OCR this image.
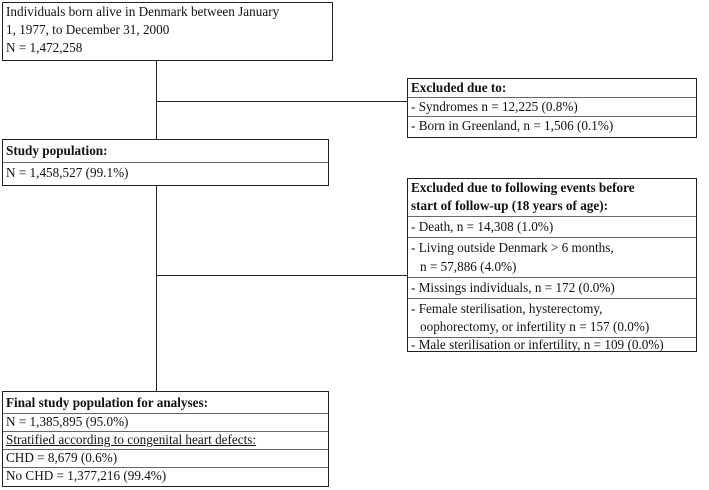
Individuals born alive in Denmark between January
1, 1977, to December 31, 2000
N = 1,472,258
Excluded due to:
- Syndromes n = 12,225 (0.8%)
- Born in Greenland, n = 1,506 (0.1%)
Study population:
N = 1,458,527 (99.1%)
Excluded due to following events before
start of follow-up (18 years of age):
- Death, n = 14,308 (1.0%)
- Living outside Denmark > 6 months,
n = 57,886 (4.0%)
- Missings individuals, n = 172 (0.0%)
- Female sterilisation, hysterectomy,
oophorectomy, or infertility n = 157 (0.0%)
- Male sterilisation or infertility, n = 109 (0.0%)
Final study population for analyses:
N = 1,385,895 (95.0%)
Stratified according to congenital heart defects:
CHD = 8,679 (0.6%)
No CHD = 1,377,216 (99.4%)
